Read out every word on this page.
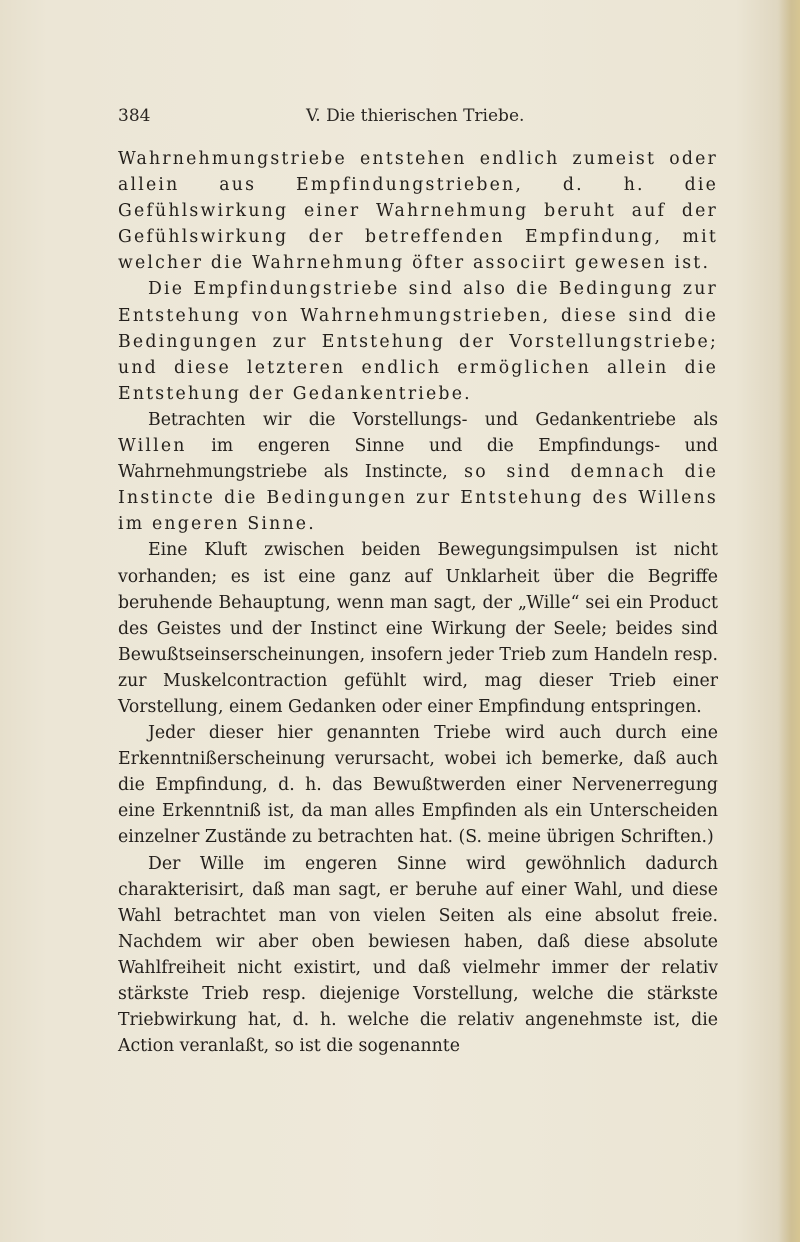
384	V. Die thierischen Triebe.

Wahrnehmungstriebe entstehen endlich zumeist oder allein aus Empfindungstrieben, d. h. die Gefühlswirkung einer Wahrnehmung beruht auf der Gefühlswirkung der betreffenden Empfindung, mit welcher die Wahrnehmung öfter associirt gewesen ist.

Die Empfindungstriebe sind also die Bedingung zur Entstehung von Wahrnehmungstrieben, diese sind die Bedingungen zur Entstehung der Vorstellungstriebe; und diese letzteren endlich ermöglichen allein die Entstehung der Gedankentriebe.

Betrachten wir die Vorstellungs- und Gedankentriebe als Willen im engeren Sinne und die Empfindungs- und Wahrnehmungstriebe als Instincte, so sind demnach die Instincte die Bedingungen zur Entstehung des Willens im engeren Sinne.

Eine Kluft zwischen beiden Bewegungsimpulsen ist nicht vorhanden; es ist eine ganz auf Unklarheit über die Begriffe beruhende Behauptung, wenn man sagt, der „Wille“ sei ein Product des Geistes und der Instinct eine Wirkung der Seele; beides sind Bewußtseinserscheinungen, insofern jeder Trieb zum Handeln resp. zur Muskelcontraction gefühlt wird, mag dieser Trieb einer Vorstellung, einem Gedanken oder einer Empfindung entspringen.

Jeder dieser hier genannten Triebe wird auch durch eine Erkenntnißerscheinung verursacht, wobei ich bemerke, daß auch die Empfindung, d. h. das Bewußtwerden einer Nervenerregung eine Erkenntniß ist, da man alles Empfinden als ein Unterscheiden einzelner Zustände zu betrachten hat. (S. meine übrigen Schriften.)

Der Wille im engeren Sinne wird gewöhnlich dadurch charakterisirt, daß man sagt, er beruhe auf einer Wahl, und diese Wahl betrachtet man von vielen Seiten als eine absolut freie. Nachdem wir aber oben bewiesen haben, daß diese absolute Wahlfreiheit nicht existirt, und daß vielmehr immer der relativ stärkste Trieb resp. diejenige Vorstellung, welche die stärkste Triebwirkung hat, d. h. welche die relativ angenehmste ist, die Action veranlaßt, so ist die sogenannte
